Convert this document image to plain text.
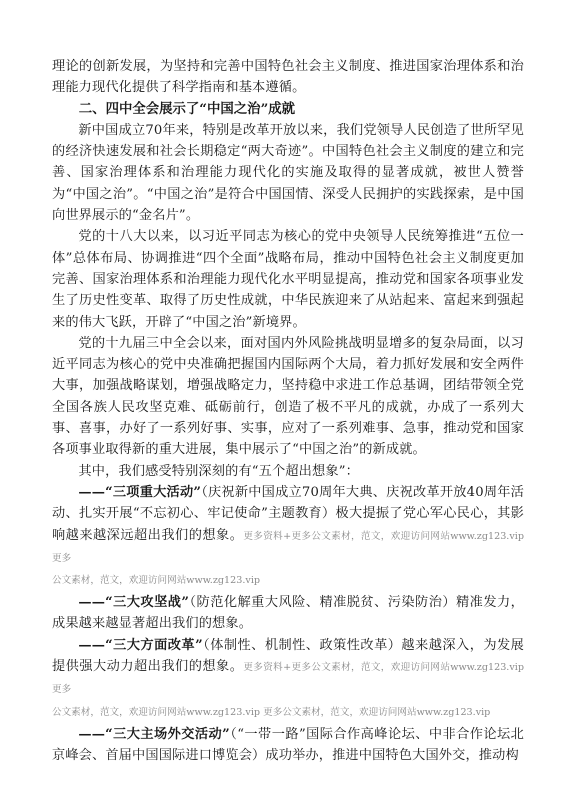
理论的创新发展，为坚持和完善中国特色社会主义制度、推进国家治理体系和治理能力现代化提供了科学指南和基本遵循。

二、四中全会展示了“中国之治”成就

新中国成立70年来，特别是改革开放以来，我们党领导人民创造了世所罕见的经济快速发展和社会长期稳定“两大奇迹”。中国特色社会主义制度的建立和完善、国家治理体系和治理能力现代化的实施及取得的显著成就，被世人赞誉为“中国之治”。“中国之治”是符合中国国情、深受人民拥护的实践探索，是中国向世界展示的“金名片”。

党的十八大以来，以习近平同志为核心的党中央领导人民统筹推进“五位一体”总体布局、协调推进“四个全面”战略布局，推动中国特色社会主义制度更加完善、国家治理体系和治理能力现代化水平明显提高，推动党和国家各项事业发生了历史性变革、取得了历史性成就，中华民族迎来了从站起来、富起来到强起来的伟大飞跃，开辟了“中国之治”新境界。

党的十九届三中全会以来，面对国内外风险挑战明显增多的复杂局面，以习近平同志为核心的党中央准确把握国内国际两个大局，着力抓好发展和安全两件大事，加强战略谋划，增强战略定力，坚持稳中求进工作总基调，团结带领全党全国各族人民攻坚克难、砥砺前行，创造了极不平凡的成就，办成了一系列大事、喜事，办好了一系列好事、实事，应对了一系列难事、急事，推动党和国家各项事业取得新的重大进展，集中展示了“中国之治”的新成就。

其中，我们感受特别深刻的有“五个超出想象”：

——“三项重大活动”（庆祝新中国成立70周年大典、庆祝改革开放40周年活动、扎实开展“不忘初心、牢记使命”主题教育）极大提振了党心军心民心，其影响越来越深远超出我们的想象。更多资料+更多公文素材，范文，欢迎访问网站www.zg123.vip 更多

公文素材，范文，欢迎访问网站www.zg123.vip

——“三大攻坚战”（防范化解重大风险、精准脱贫、污染防治）精准发力，成果越来越显著超出我们的想象。

——“三大方面改革”（体制性、机制性、政策性改革）越来越深入，为发展提供强大动力超出我们的想象。更多资料+更多公文素材，范文，欢迎访问网站www.zg123.vip 更多

公文素材，范文，欢迎访问网站www.zg123.vip 更多公文素材，范文，欢迎访问网站www.zg123.vip

——“三大主场外交活动”（“一带一路”国际合作高峰论坛、中非合作论坛北京峰会、首届中国国际进口博览会）成功举办，推进中国特色大国外交，推动构
